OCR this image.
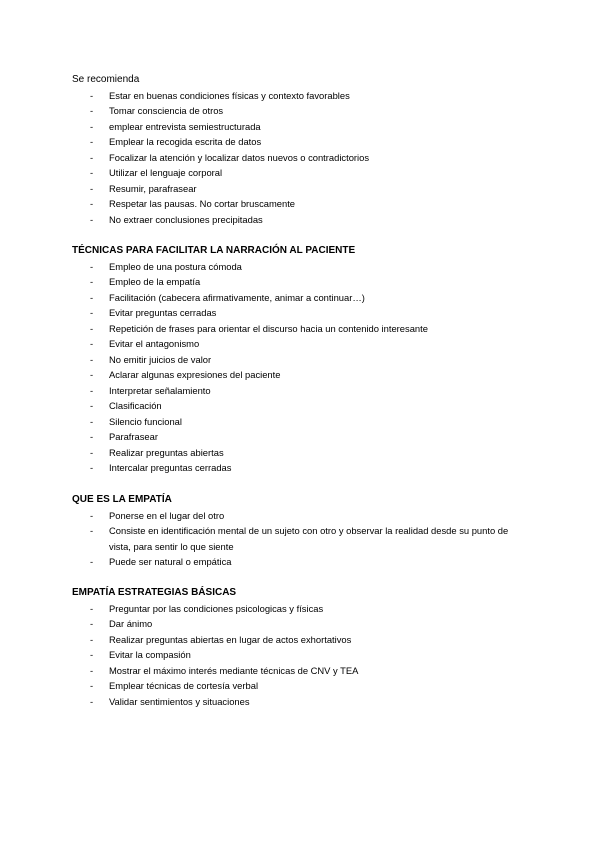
Se recomienda
- Estar en buenas condiciones físicas y contexto favorables
- Tomar consciencia de otros
- emplear entrevista semiestructurada
- Emplear la recogida escrita de datos
- Focalizar la atención y localizar datos nuevos o contradictorios
- Utilizar el lenguaje corporal
- Resumir, parafrasear
- Respetar las pausas. No cortar bruscamente
- No extraer conclusiones precipitadas
TÉCNICAS PARA FACILITAR LA NARRACIÓN AL PACIENTE
- Empleo de una postura cómoda
- Empleo de la empatía
- Facilitación (cabecera afirmativamente, animar a continuar…)
- Evitar preguntas cerradas
- Repetición de frases para orientar el discurso hacia un contenido interesante
- Evitar el antagonismo
- No emitir juicios de valor
- Aclarar algunas expresiones del paciente
- Interpretar señalamiento
- Clasificación
- Silencio funcional
- Parafrasear
- Realizar preguntas abiertas
- Intercalar preguntas cerradas
QUE ES LA EMPATÍA
- Ponerse en el lugar del otro
- Consiste en identificación mental de un sujeto con otro y observar la realidad desde su punto de vista, para sentir lo que siente
- Puede ser natural o empática
EMPATÍA ESTRATEGIAS BÁSICAS
- Preguntar por las condiciones psicologicas y físicas
- Dar ánimo
- Realizar preguntas abiertas en lugar de actos exhortativos
- Evitar la compasión
- Mostrar el máximo interés mediante técnicas de CNV y TEA
- Emplear técnicas de cortesía verbal
- Validar sentimientos y situaciones
